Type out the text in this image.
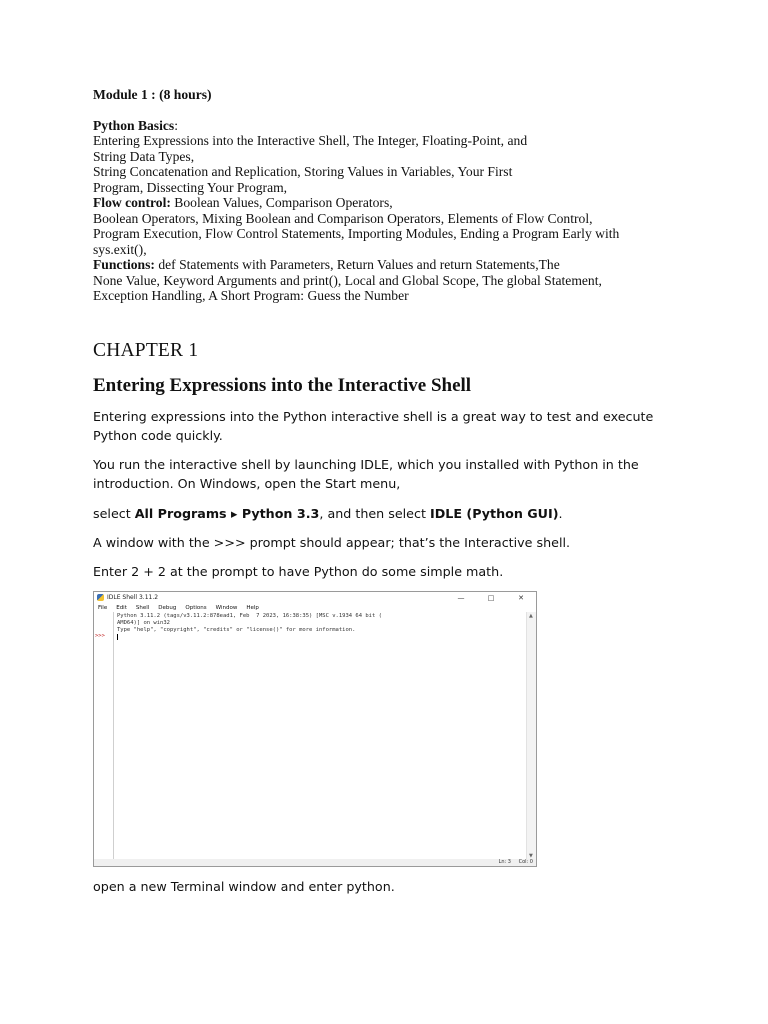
Module 1 : (8 hours)

Python Basics:

Entering Expressions into the Interactive Shell, The Integer, Floating-Point, and

String Data Types,

String Concatenation and Replication, Storing Values in Variables, Your First

Program, Dissecting Your Program,

Flow control: Boolean Values, Comparison Operators,

Boolean Operators, Mixing Boolean and Comparison Operators, Elements of Flow Control,

Program Execution, Flow Control Statements, Importing Modules, Ending a Program Early with

sys.exit(),

Functions: def Statements with Parameters, Return Values and return Statements,The

None Value, Keyword Arguments and print(), Local and Global Scope, The global Statement,

Exception Handling, A Short Program: Guess the Number

CHAPTER 1
Entering Expressions into the Interactive Shell

Entering expressions into the Python interactive shell is a great way to test and execute Python code quickly.

You run the interactive shell by launching IDLE, which you installed with Python in the introduction. On Windows, open the Start menu,

select All Programs ▸ Python 3.3, and then select IDLE (Python GUI).

A window with the >>> prompt should appear; that’s the Interactive shell.

Enter 2 + 2 at the prompt to have Python do some simple math.

IDLE Shell 3.11.2	—	□	✕
File Edit Shell Debug Options Window Help
>>>
Python 3.11.2 (tags/v3.11.2:878ead1, Feb  7 2023, 16:38:35) [MSC v.1934 64 bit (
AMD64)] on win32
Type "help", "copyright", "credits" or "license()" for more information.
▲
▼
Ln: 3 Col: 0

open a new Terminal window and enter python.
